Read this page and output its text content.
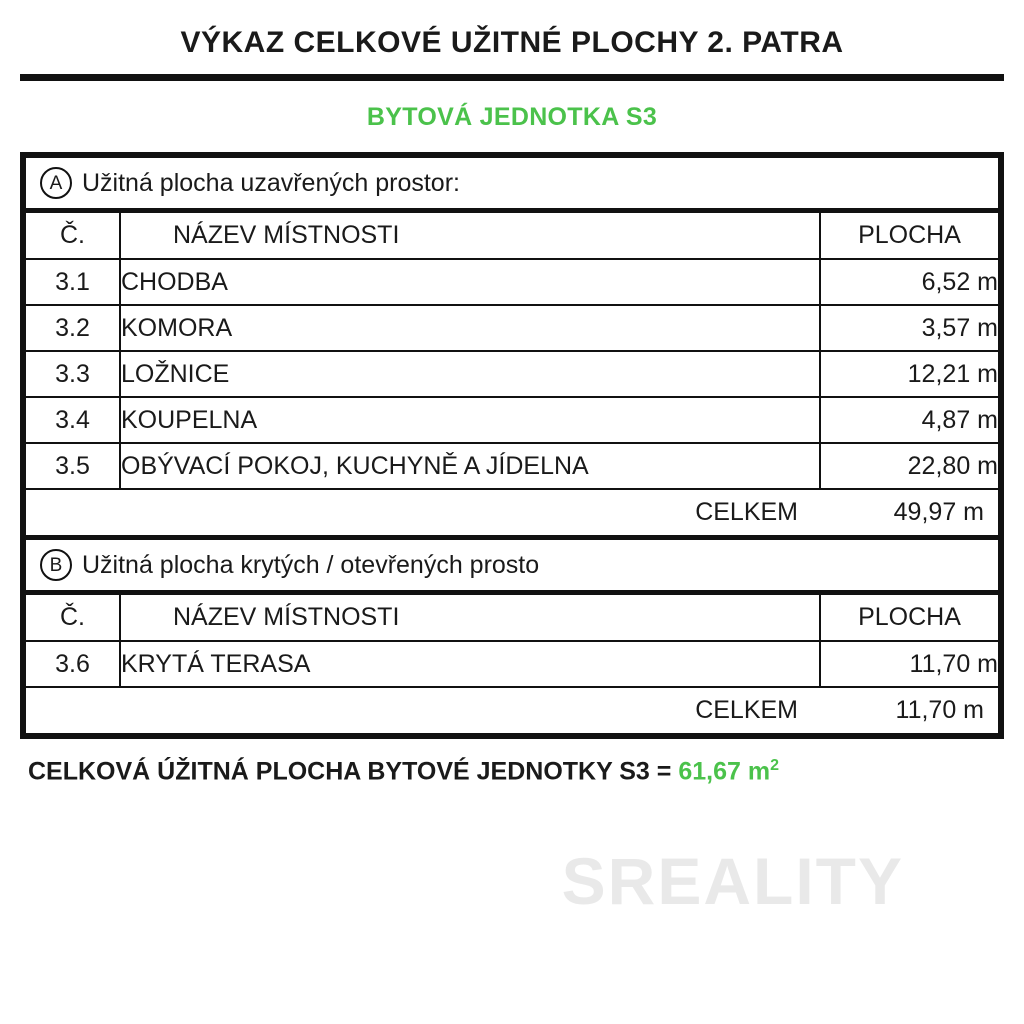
VÝKAZ CELKOVÉ UŽITNÉ PLOCHY 2. PATRA
BYTOVÁ JEDNOTKA S3
A Užitná plocha uzavřených prostor:
Č.	NÁZEV MÍSTNOSTI	PLOCHA
3.1	CHODBA	6,52 m
3.2	KOMORA	3,57 m
3.3	LOŽNICE	12,21 m
3.4	KOUPELNA	4,87 m
3.5	OBÝVACÍ POKOJ, KUCHYNĚ A JÍDELNA	22,80 m
CELKEM		49,97 m
B Užitná plocha krytých / otevřených prosto
Č.	NÁZEV MÍSTNOSTI	PLOCHA
3.6	KRYTÁ TERASA	11,70 m
CELKEM		11,70 m
CELKOVÁ ÚŽITNÁ PLOCHA BYTOVÉ JEDNOTKY S3 = 61,67 $m^2$
SREALITY
